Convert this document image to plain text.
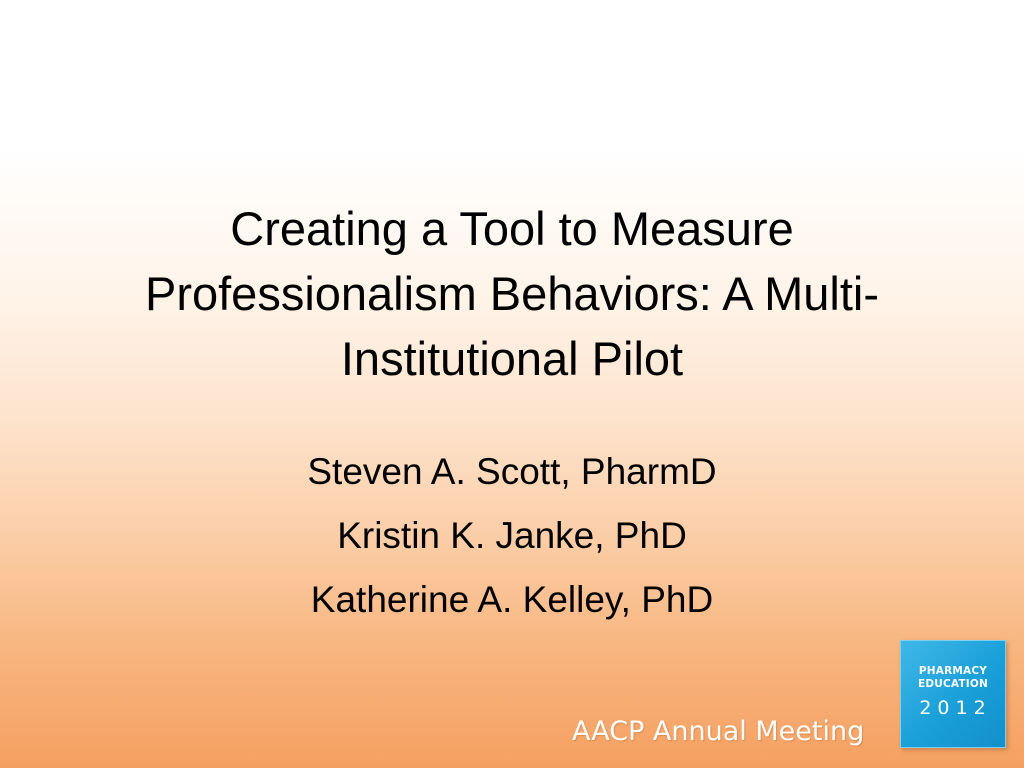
Creating a Tool to Measure
Professionalism Behaviors: A Multi-
Institutional Pilot
Steven A. Scott, PharmD
Kristin K. Janke, PhD
Katherine A. Kelley, PhD
AACP Annual Meeting
PHARMACY
EDUCATION
2012
